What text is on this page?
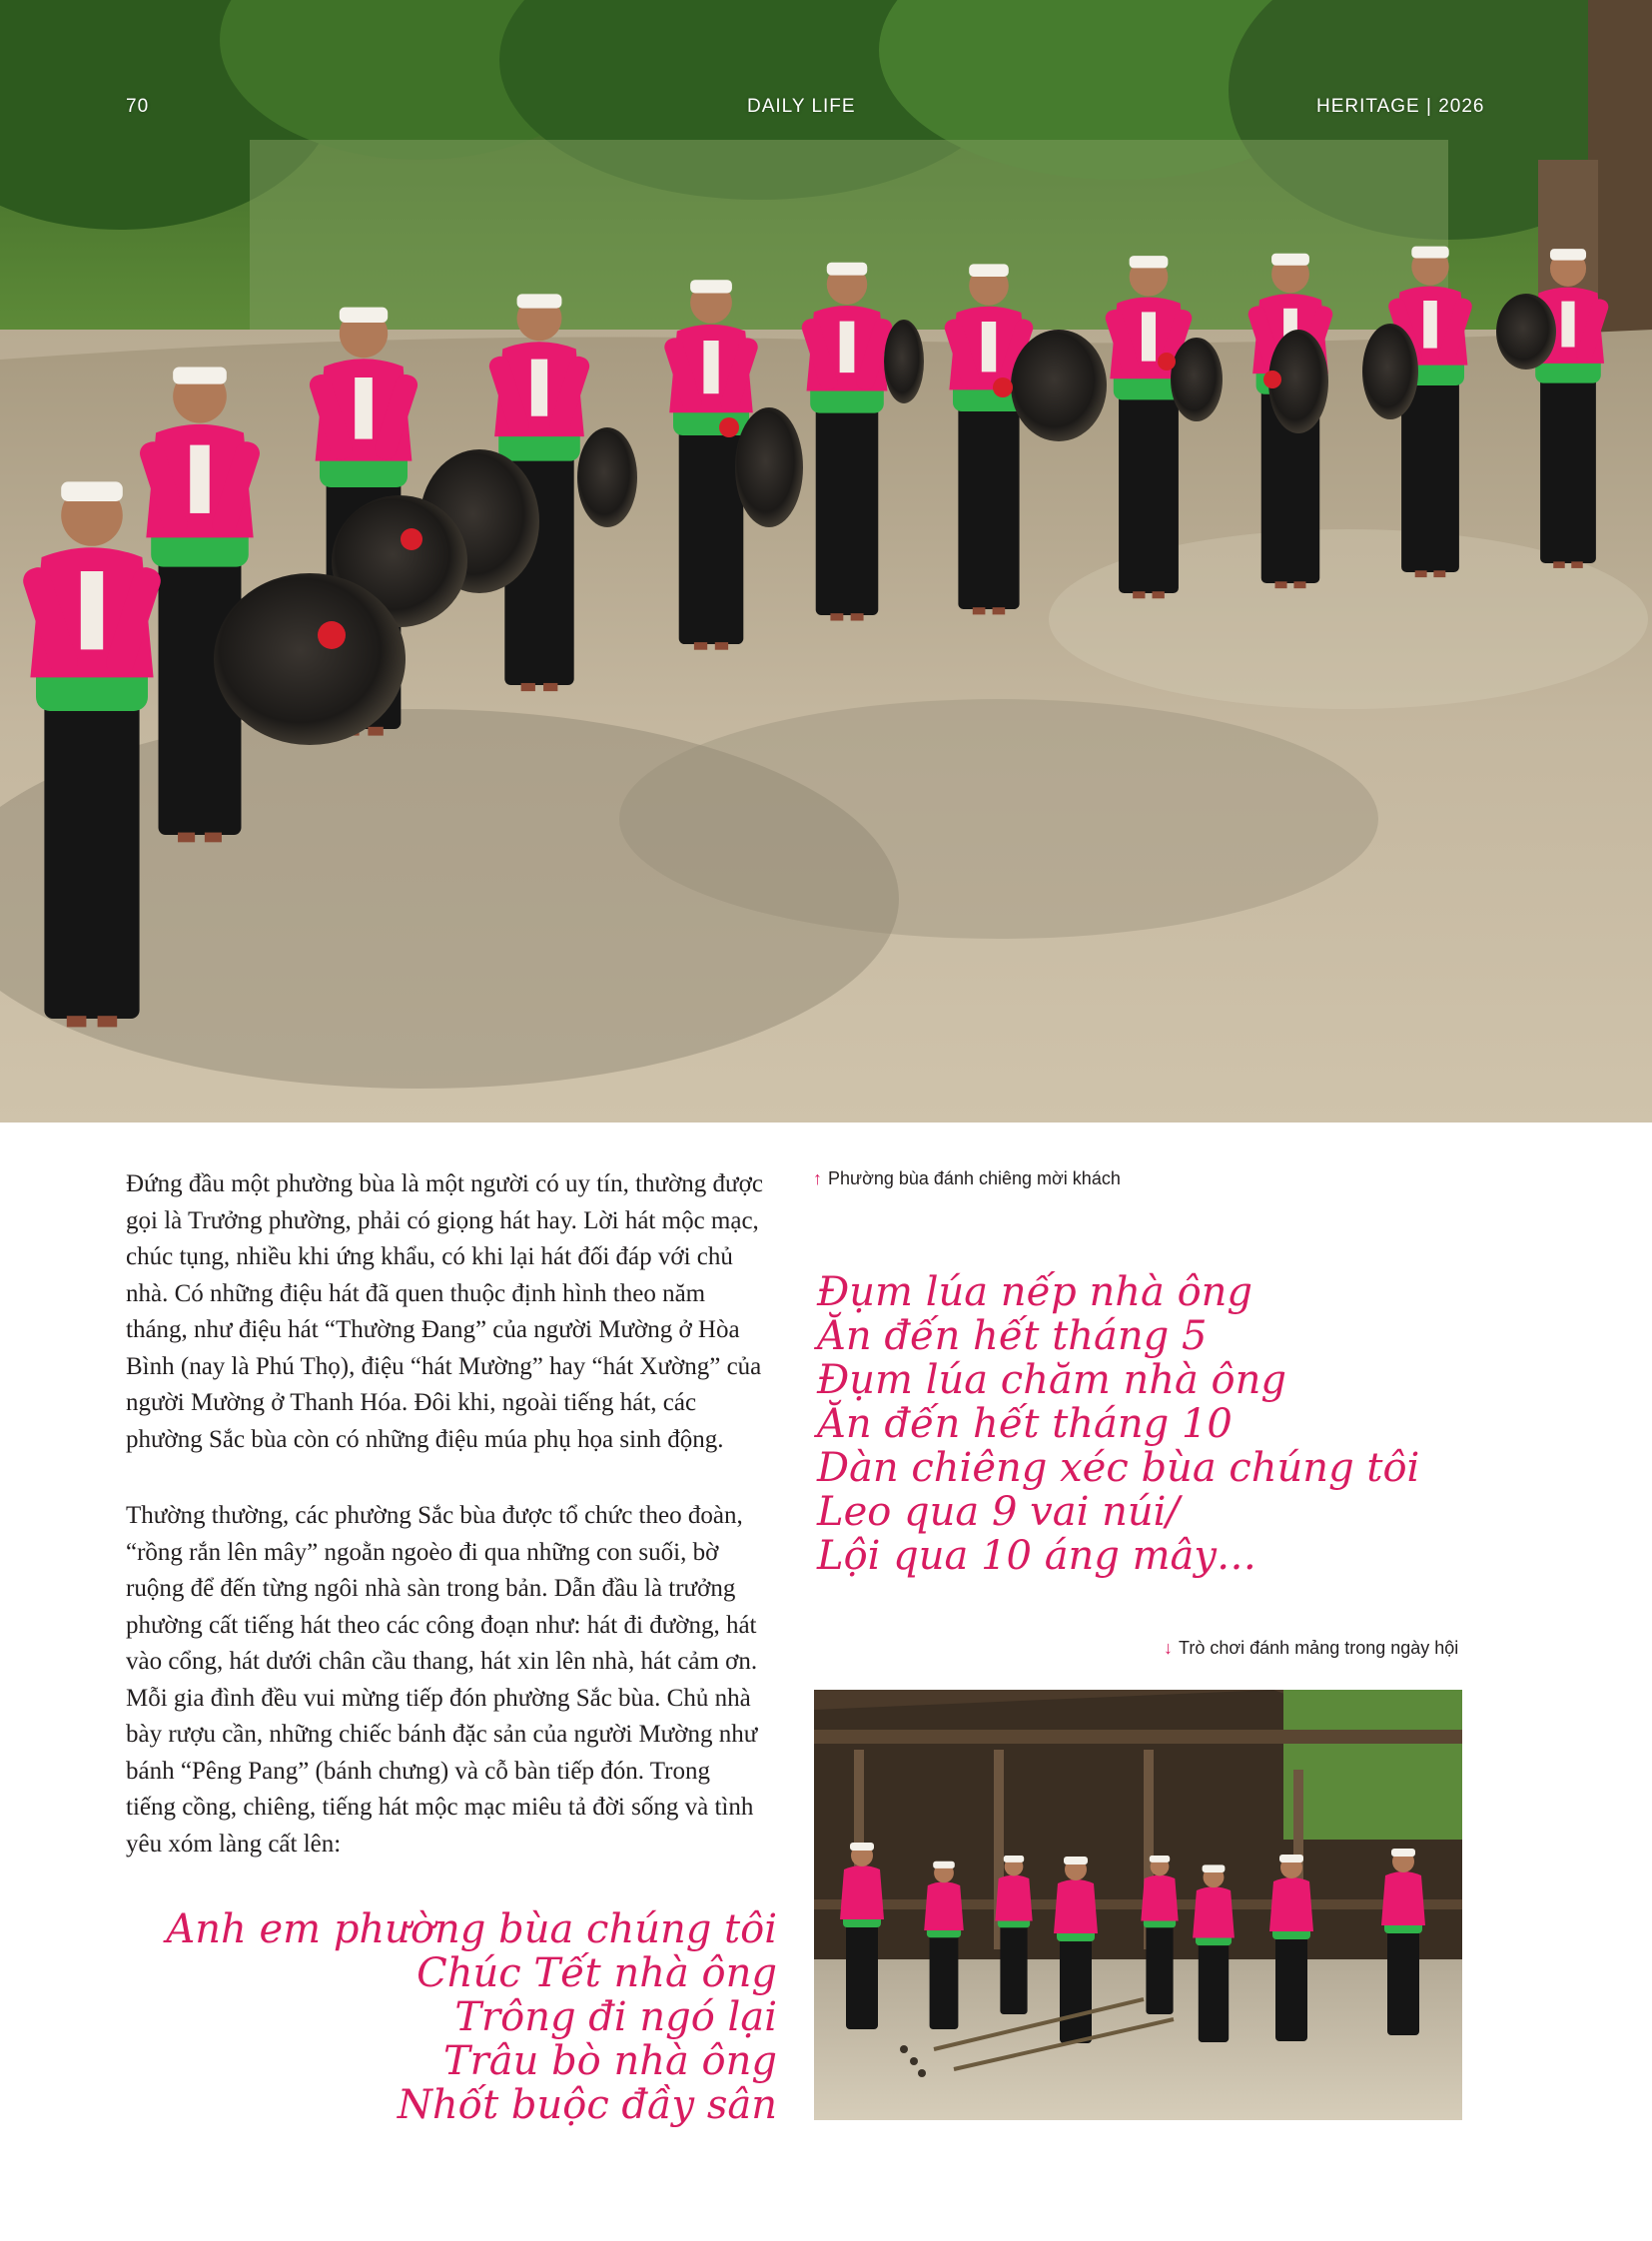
70	DAILY LIFE	HERITAGE | 2026

Đứng đầu một phường bùa là một người có uy tín, thường được gọi là Trưởng phường, phải có giọng hát hay. Lời hát mộc mạc, chúc tụng, nhiều khi ứng khẩu, có khi lại hát đối đáp với chủ nhà. Có những điệu hát đã quen thuộc định hình theo năm tháng, như điệu hát “Thường Đang” của người Mường ở Hòa Bình (nay là Phú Thọ), điệu “hát Mường” hay “hát Xường” của người Mường ở Thanh Hóa. Đôi khi, ngoài tiếng hát, các phường Sắc bùa còn có những điệu múa phụ họa sinh động.

Thường thường, các phường Sắc bùa được tổ chức theo đoàn, “rồng rắn lên mây” ngoằn ngoèo đi qua những con suối, bờ ruộng để đến từng ngôi nhà sàn trong bản. Dẫn đầu là trưởng phường cất tiếng hát theo các công đoạn như: hát đi đường, hát vào cổng, hát dưới chân cầu thang, hát xin lên nhà, hát cảm ơn. Mỗi gia đình đều vui mừng tiếp đón phường Sắc bùa. Chủ nhà bày rượu cần, những chiếc bánh đặc sản của người Mường như bánh “Pêng Pang” (bánh chưng) và cỗ bàn tiếp đón. Trong tiếng cồng, chiêng, tiếng hát mộc mạc miêu tả đời sống và tình yêu xóm làng cất lên:

↑ Phường bùa đánh chiêng mời khách
↓ Trò chơi đánh mảng trong ngày hội
Đụm lúa nếp nhà ông
Ăn đến hết tháng 5
Đụm lúa chăm nhà ông
Ăn đến hết tháng 10
Dàn chiêng xéc bùa chúng tôi
Leo qua 9 vai núi/
Lội qua 10 áng mây…
Anh em phường bùa chúng tôi
Chúc Tết nhà ông
Trông đi ngó lại
Trâu bò nhà ông
Nhốt buộc đầy sân
